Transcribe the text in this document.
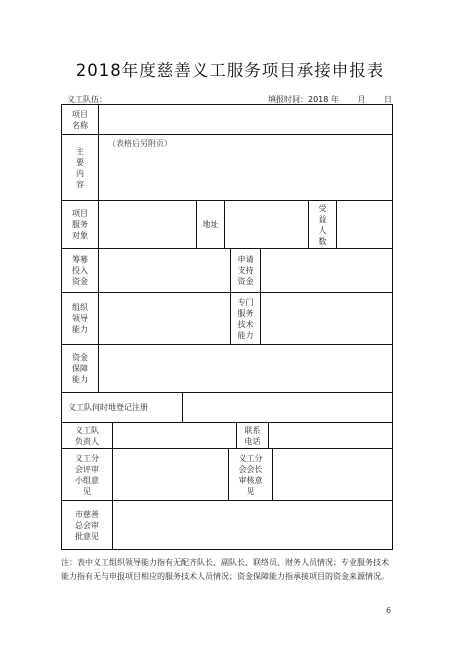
2018年度慈善义工服务项目承接申报表
义工队伍：	填报时间：2018 年 月 日
项目
名称
主
要
内
容
（表格后另附页）
项目
服务
对象
地址
受
益
人
数
筹募
投入
资金
申请
支持
资金
组织
领导
能力
专门
服务
技术
能力
资金
保障
能力
义工队何时地登记注册
义工队
负责人
联系
电话
义工分
会评审
小组意
见
义工分
会会长
审核意
见
市慈善
总会审
批意见
注：表中义工组织领导能力指有无配齐队长、副队长、联络员、财务人员情况；专业服务技术能力指有无与申报项目相应的服务技术人员情况；资金保障能力指承接项目的资金来源情况。
6
